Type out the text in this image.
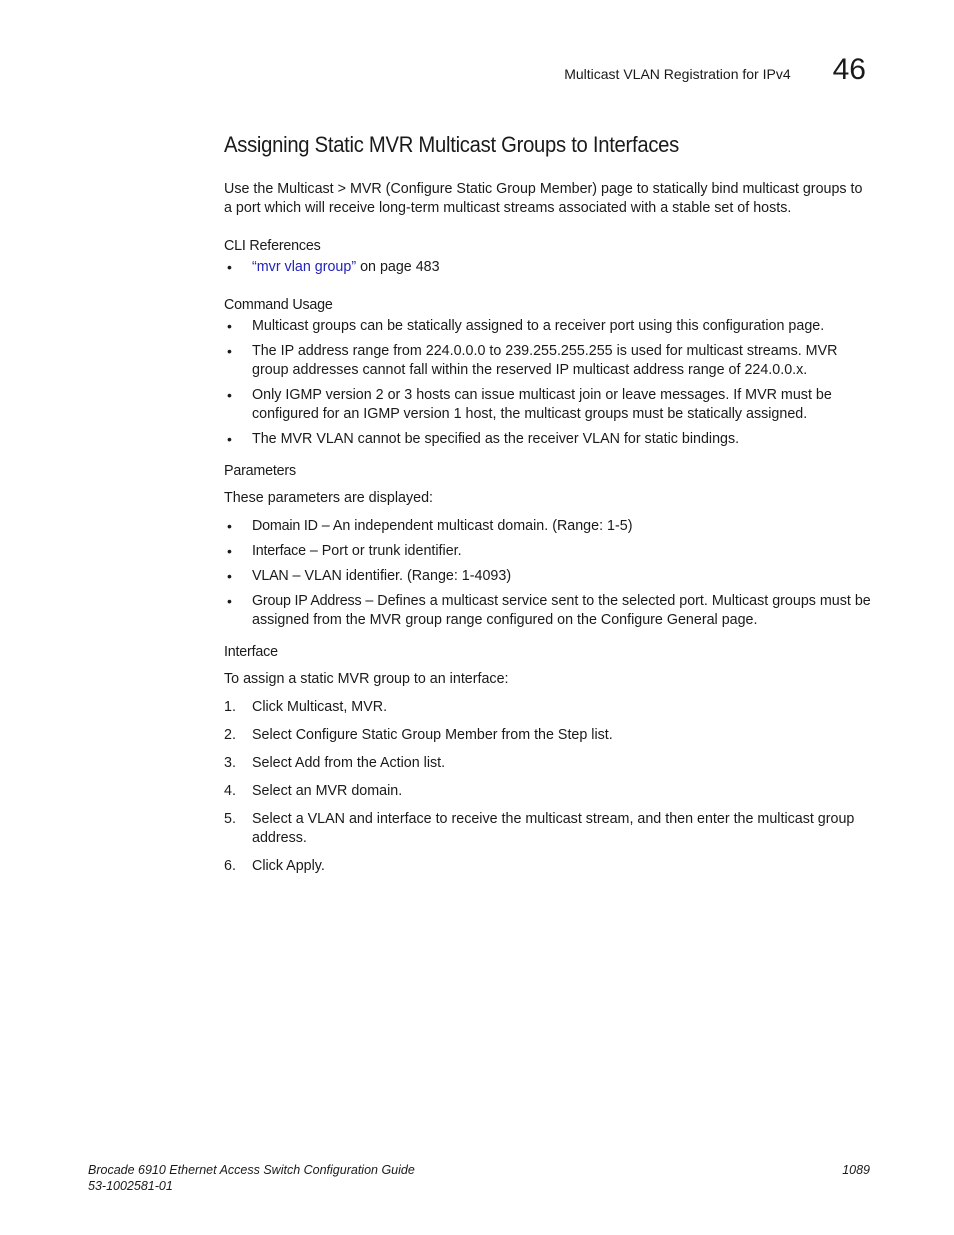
Multicast VLAN Registration for IPv4 46
Assigning Static MVR Multicast Groups to Interfaces

Use the Multicast > MVR (Configure Static Group Member) page to statically bind multicast groups to a port which will receive long-term multicast streams associated with a stable set of hosts.

CLI References
• “mvr vlan group” on page 483
Command Usage
• Multicast groups can be statically assigned to a receiver port using this configuration page.
• The IP address range from 224.0.0.0 to 239.255.255.255 is used for multicast streams. MVR group addresses cannot fall within the reserved IP multicast address range of 224.0.0.x.
• Only IGMP version 2 or 3 hosts can issue multicast join or leave messages. If MVR must be configured for an IGMP version 1 host, the multicast groups must be statically assigned.
• The MVR VLAN cannot be specified as the receiver VLAN for static bindings.
Parameters

These parameters are displayed:

• Domain ID – An independent multicast domain. (Range: 1-5)
• Interface – Port or trunk identifier.
• VLAN – VLAN identifier. (Range: 1-4093)
• Group IP Address – Defines a multicast service sent to the selected port. Multicast groups must be assigned from the MVR group range configured on the Configure General page.
Interface

To assign a static MVR group to an interface:

1. Click Multicast, MVR.
2. Select Configure Static Group Member from the Step list.
3. Select Add from the Action list.
4. Select an MVR domain.
5. Select a VLAN and interface to receive the multicast stream, and then enter the multicast group address.
6. Click Apply.
Brocade 6910 Ethernet Access Switch Configuration Guide	1089
53-1002581-01
